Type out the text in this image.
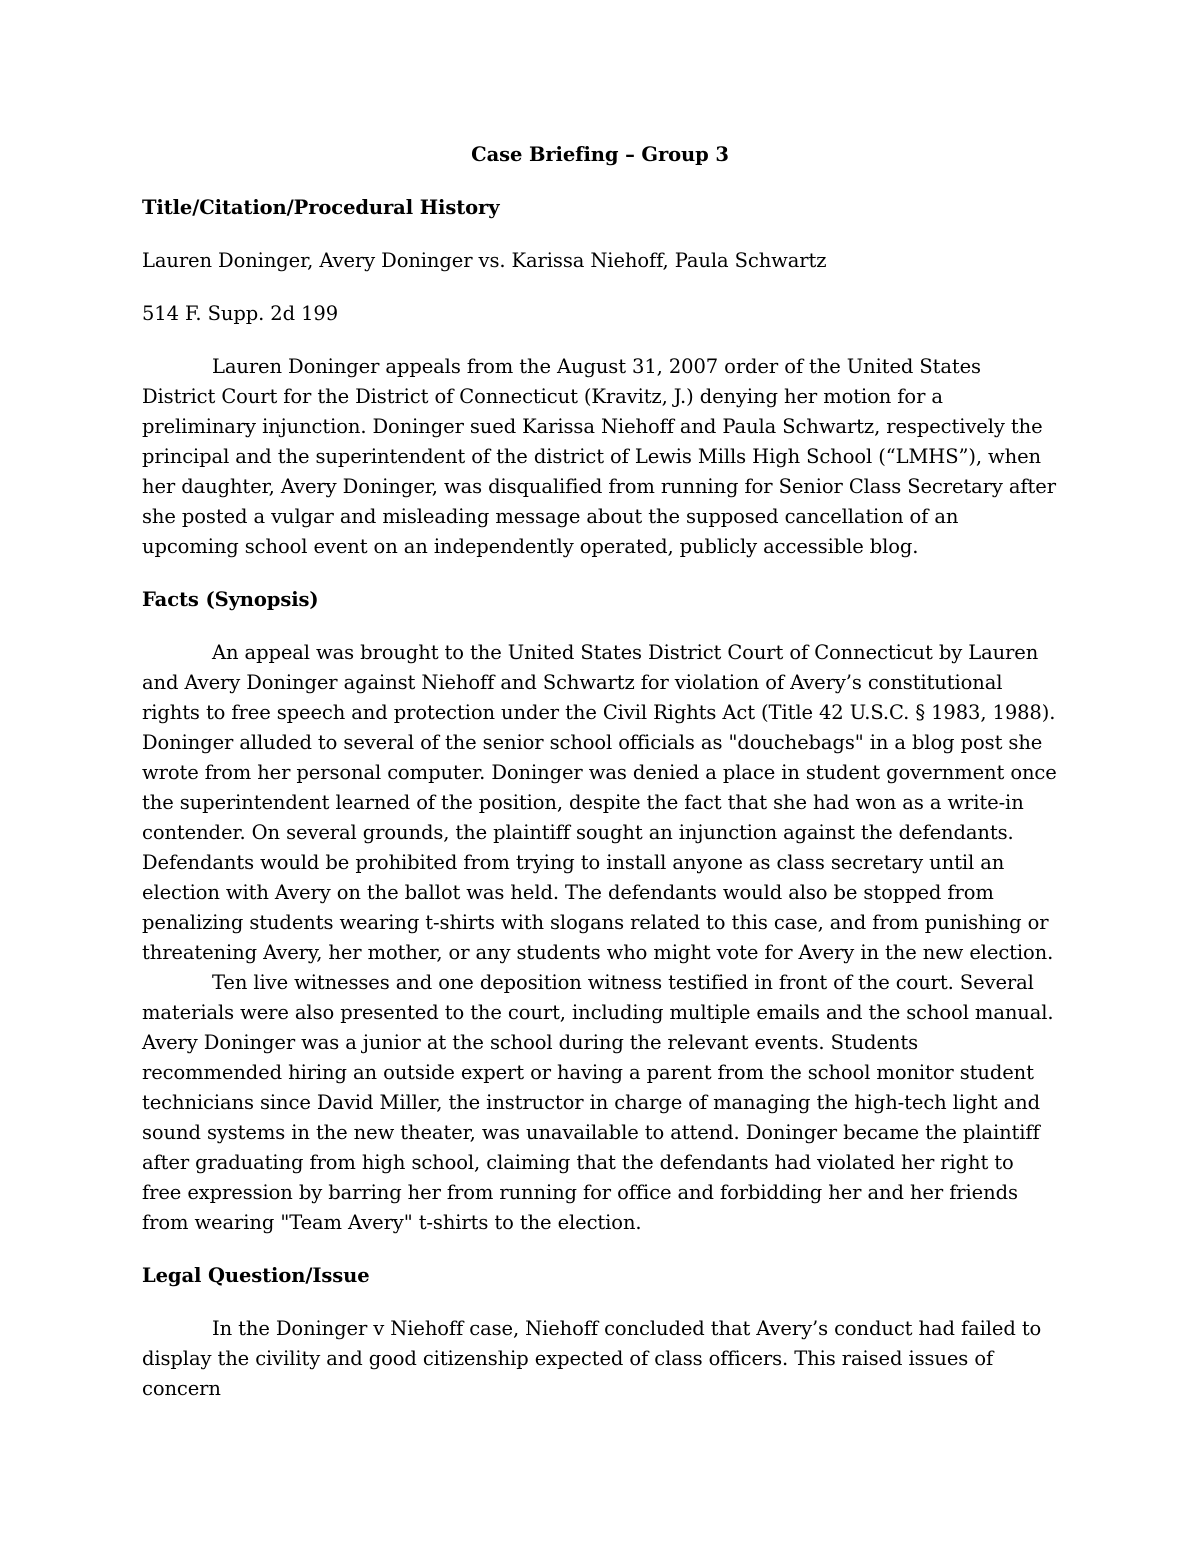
Case Briefing – Group 3
Title/Citation/Procedural History
Lauren Doninger, Avery Doninger vs. Karissa Niehoff, Paula Schwartz
514 F. Supp. 2d 199

Lauren Doninger appeals from the August 31, 2007 order of the United States District Court for the District of Connecticut (Kravitz, J.) denying her motion for a preliminary injunction. Doninger sued Karissa Niehoff and Paula Schwartz, respectively the principal and the superintendent of the district of Lewis Mills High School (“LMHS”), when her daughter, Avery Doninger, was disqualified from running for Senior Class Secretary after she posted a vulgar and misleading message about the supposed cancellation of an upcoming school event on an independently operated, publicly accessible blog.

Facts (Synopsis)

An appeal was brought to the United States District Court of Connecticut by Lauren and Avery Doninger against Niehoff and Schwartz for violation of Avery’s constitutional rights to free speech and protection under the Civil Rights Act (Title 42 U.S.C. § 1983, 1988). Doninger alluded to several of the senior school officials as "douchebags" in a blog post she wrote from her personal computer. Doninger was denied a place in student government once the superintendent learned of the position, despite the fact that she had won as a write-in contender. On several grounds, the plaintiff sought an injunction against the defendants. Defendants would be prohibited from trying to install anyone as class secretary until an election with Avery on the ballot was held. The defendants would also be stopped from penalizing students wearing t-shirts with slogans related to this case, and from punishing or threatening Avery, her mother, or any students who might vote for Avery in the new election.

Ten live witnesses and one deposition witness testified in front of the court. Several materials were also presented to the court, including multiple emails and the school manual. Avery Doninger was a junior at the school during the relevant events. Students recommended hiring an outside expert or having a parent from the school monitor student technicians since David Miller, the instructor in charge of managing the high-tech light and sound systems in the new theater, was unavailable to attend. Doninger became the plaintiff after graduating from high school, claiming that the defendants had violated her right to free expression by barring her from running for office and forbidding her and her friends from wearing "Team Avery" t-shirts to the election.

Legal Question/Issue

In the Doninger v Niehoff case, Niehoff concluded that Avery’s conduct had failed to display the civility and good citizenship expected of class officers. This raised issues of concern
